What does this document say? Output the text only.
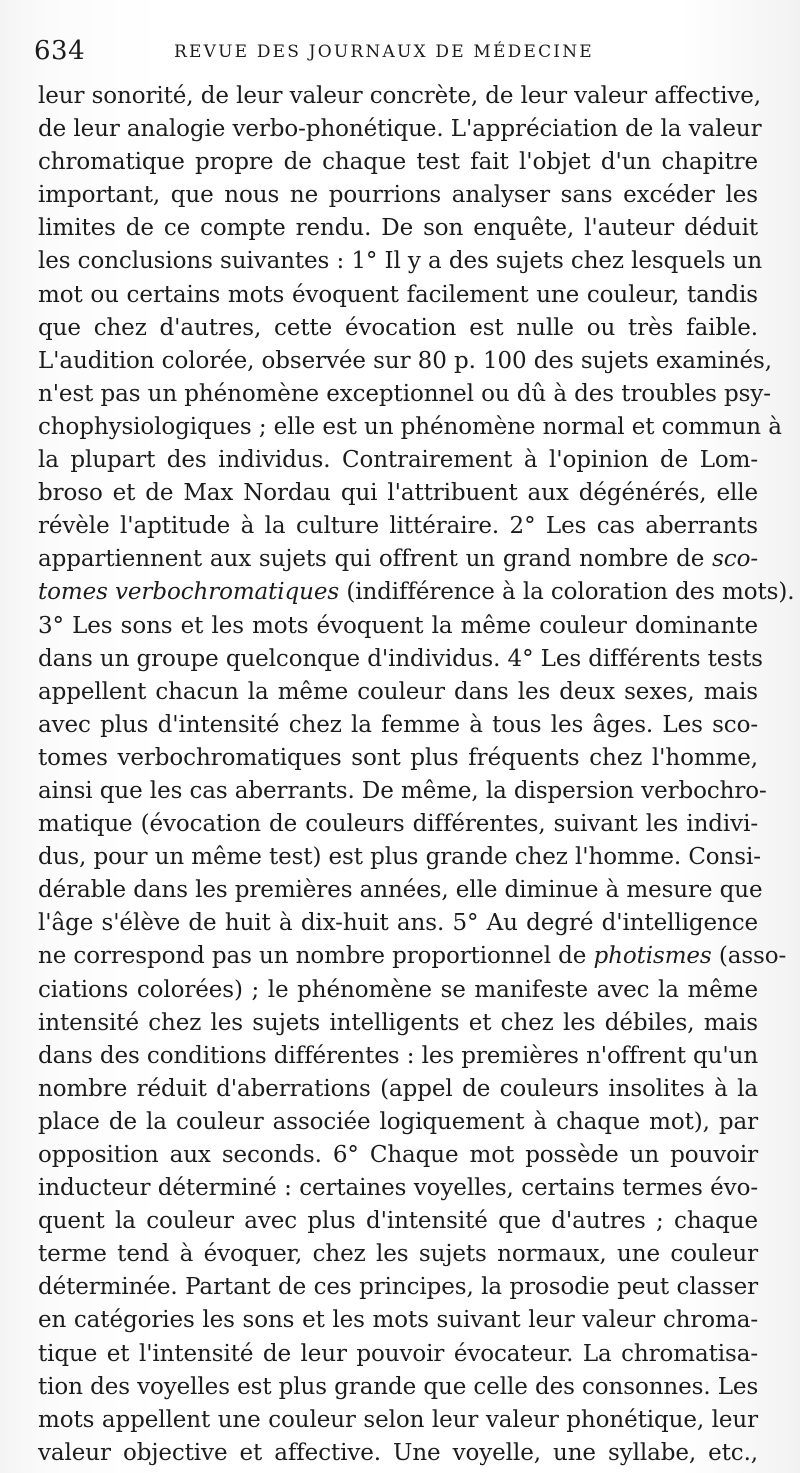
634	REVUE DES JOURNAUX DE MÉDECINE
leur sonorité, de leur valeur concrète, de leur valeur affective,
de leur analogie verbo-phonétique. L'appréciation de la valeur
chromatique propre de chaque test fait l'objet d'un chapitre
important, que nous ne pourrions analyser sans excéder les
limites de ce compte rendu. De son enquête, l'auteur déduit
les conclusions suivantes : 1° Il y a des sujets chez lesquels un
mot ou certains mots évoquent facilement une couleur, tandis
que chez d'autres, cette évocation est nulle ou très faible.
L'audition colorée, observée sur 80 p. 100 des sujets examinés,
n'est pas un phénomène exceptionnel ou dû à des troubles psy-
chophysiologiques ; elle est un phénomène normal et commun à
la plupart des individus. Contrairement à l'opinion de Lom-
broso et de Max Nordau qui l'attribuent aux dégénérés, elle
révèle l'aptitude à la culture littéraire. 2° Les cas aberrants
appartiennent aux sujets qui offrent un grand nombre de sco-
tomes verbochromatiques (indifférence à la coloration des mots).
3° Les sons et les mots évoquent la même couleur dominante
dans un groupe quelconque d'individus. 4° Les différents tests
appellent chacun la même couleur dans les deux sexes, mais
avec plus d'intensité chez la femme à tous les âges. Les sco-
tomes verbochromatiques sont plus fréquents chez l'homme,
ainsi que les cas aberrants. De même, la dispersion verbochro-
matique (évocation de couleurs différentes, suivant les indivi-
dus, pour un même test) est plus grande chez l'homme. Consi-
dérable dans les premières années, elle diminue à mesure que
l'âge s'élève de huit à dix-huit ans. 5° Au degré d'intelligence
ne correspond pas un nombre proportionnel de photismes (asso-
ciations colorées) ; le phénomène se manifeste avec la même
intensité chez les sujets intelligents et chez les débiles, mais
dans des conditions différentes : les premières n'offrent qu'un
nombre réduit d'aberrations (appel de couleurs insolites à la
place de la couleur associée logiquement à chaque mot), par
opposition aux seconds. 6° Chaque mot possède un pouvoir
inducteur déterminé : certaines voyelles, certains termes évo-
quent la couleur avec plus d'intensité que d'autres ; chaque
terme tend à évoquer, chez les sujets normaux, une couleur
déterminée. Partant de ces principes, la prosodie peut classer
en catégories les sons et les mots suivant leur valeur chroma-
tique et l'intensité de leur pouvoir évocateur. La chromatisa-
tion des voyelles est plus grande que celle des consonnes. Les
mots appellent une couleur selon leur valeur phonétique, leur
valeur objective et affective. Une voyelle, une syllabe, etc.,
